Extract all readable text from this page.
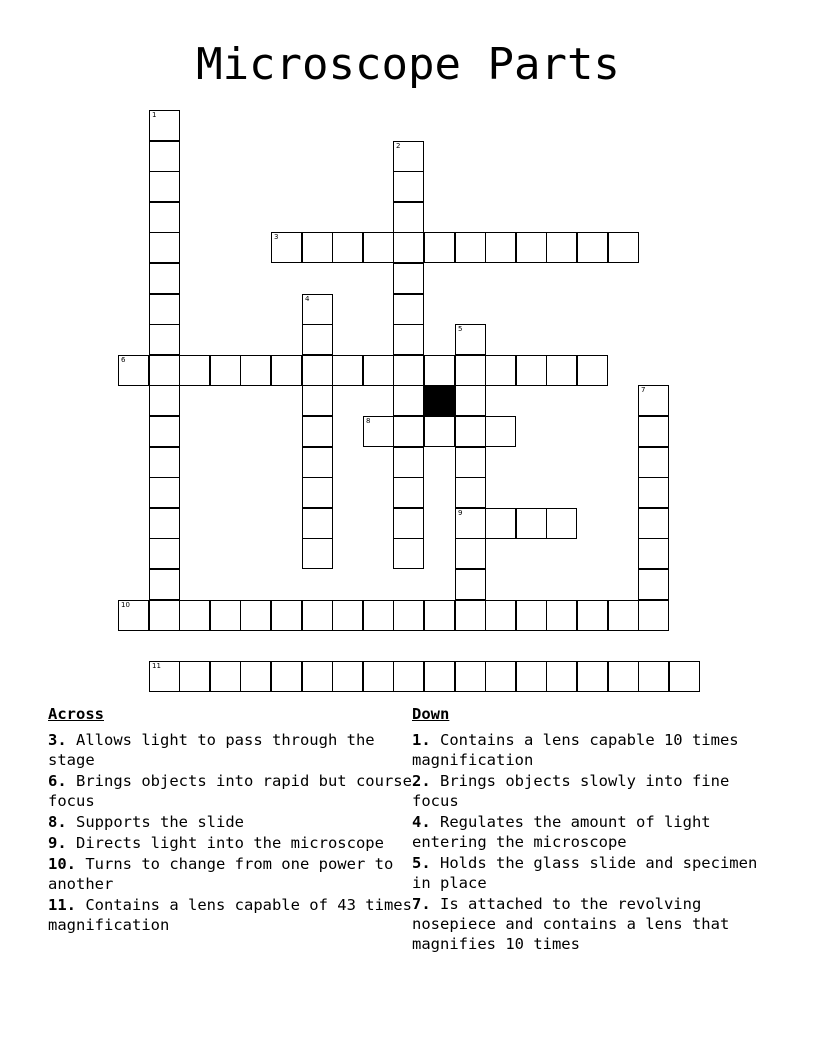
Microscope Parts
1
2
3
4
5
6
7
8
9
10
11
Across
3. Allows light to pass through the stage
6. Brings objects into rapid but course focus
8. Supports the slide
9. Directs light into the microscope
10. Turns to change from one power to another
11. Contains a lens capable of 43 times magnification
Down
1. Contains a lens capable 10 times magnification
2. Brings objects slowly into fine focus
4. Regulates the amount of light entering the microscope
5. Holds the glass slide and specimen in place
7. Is attached to the revolving nosepiece and contains a lens that magnifies 10 times
